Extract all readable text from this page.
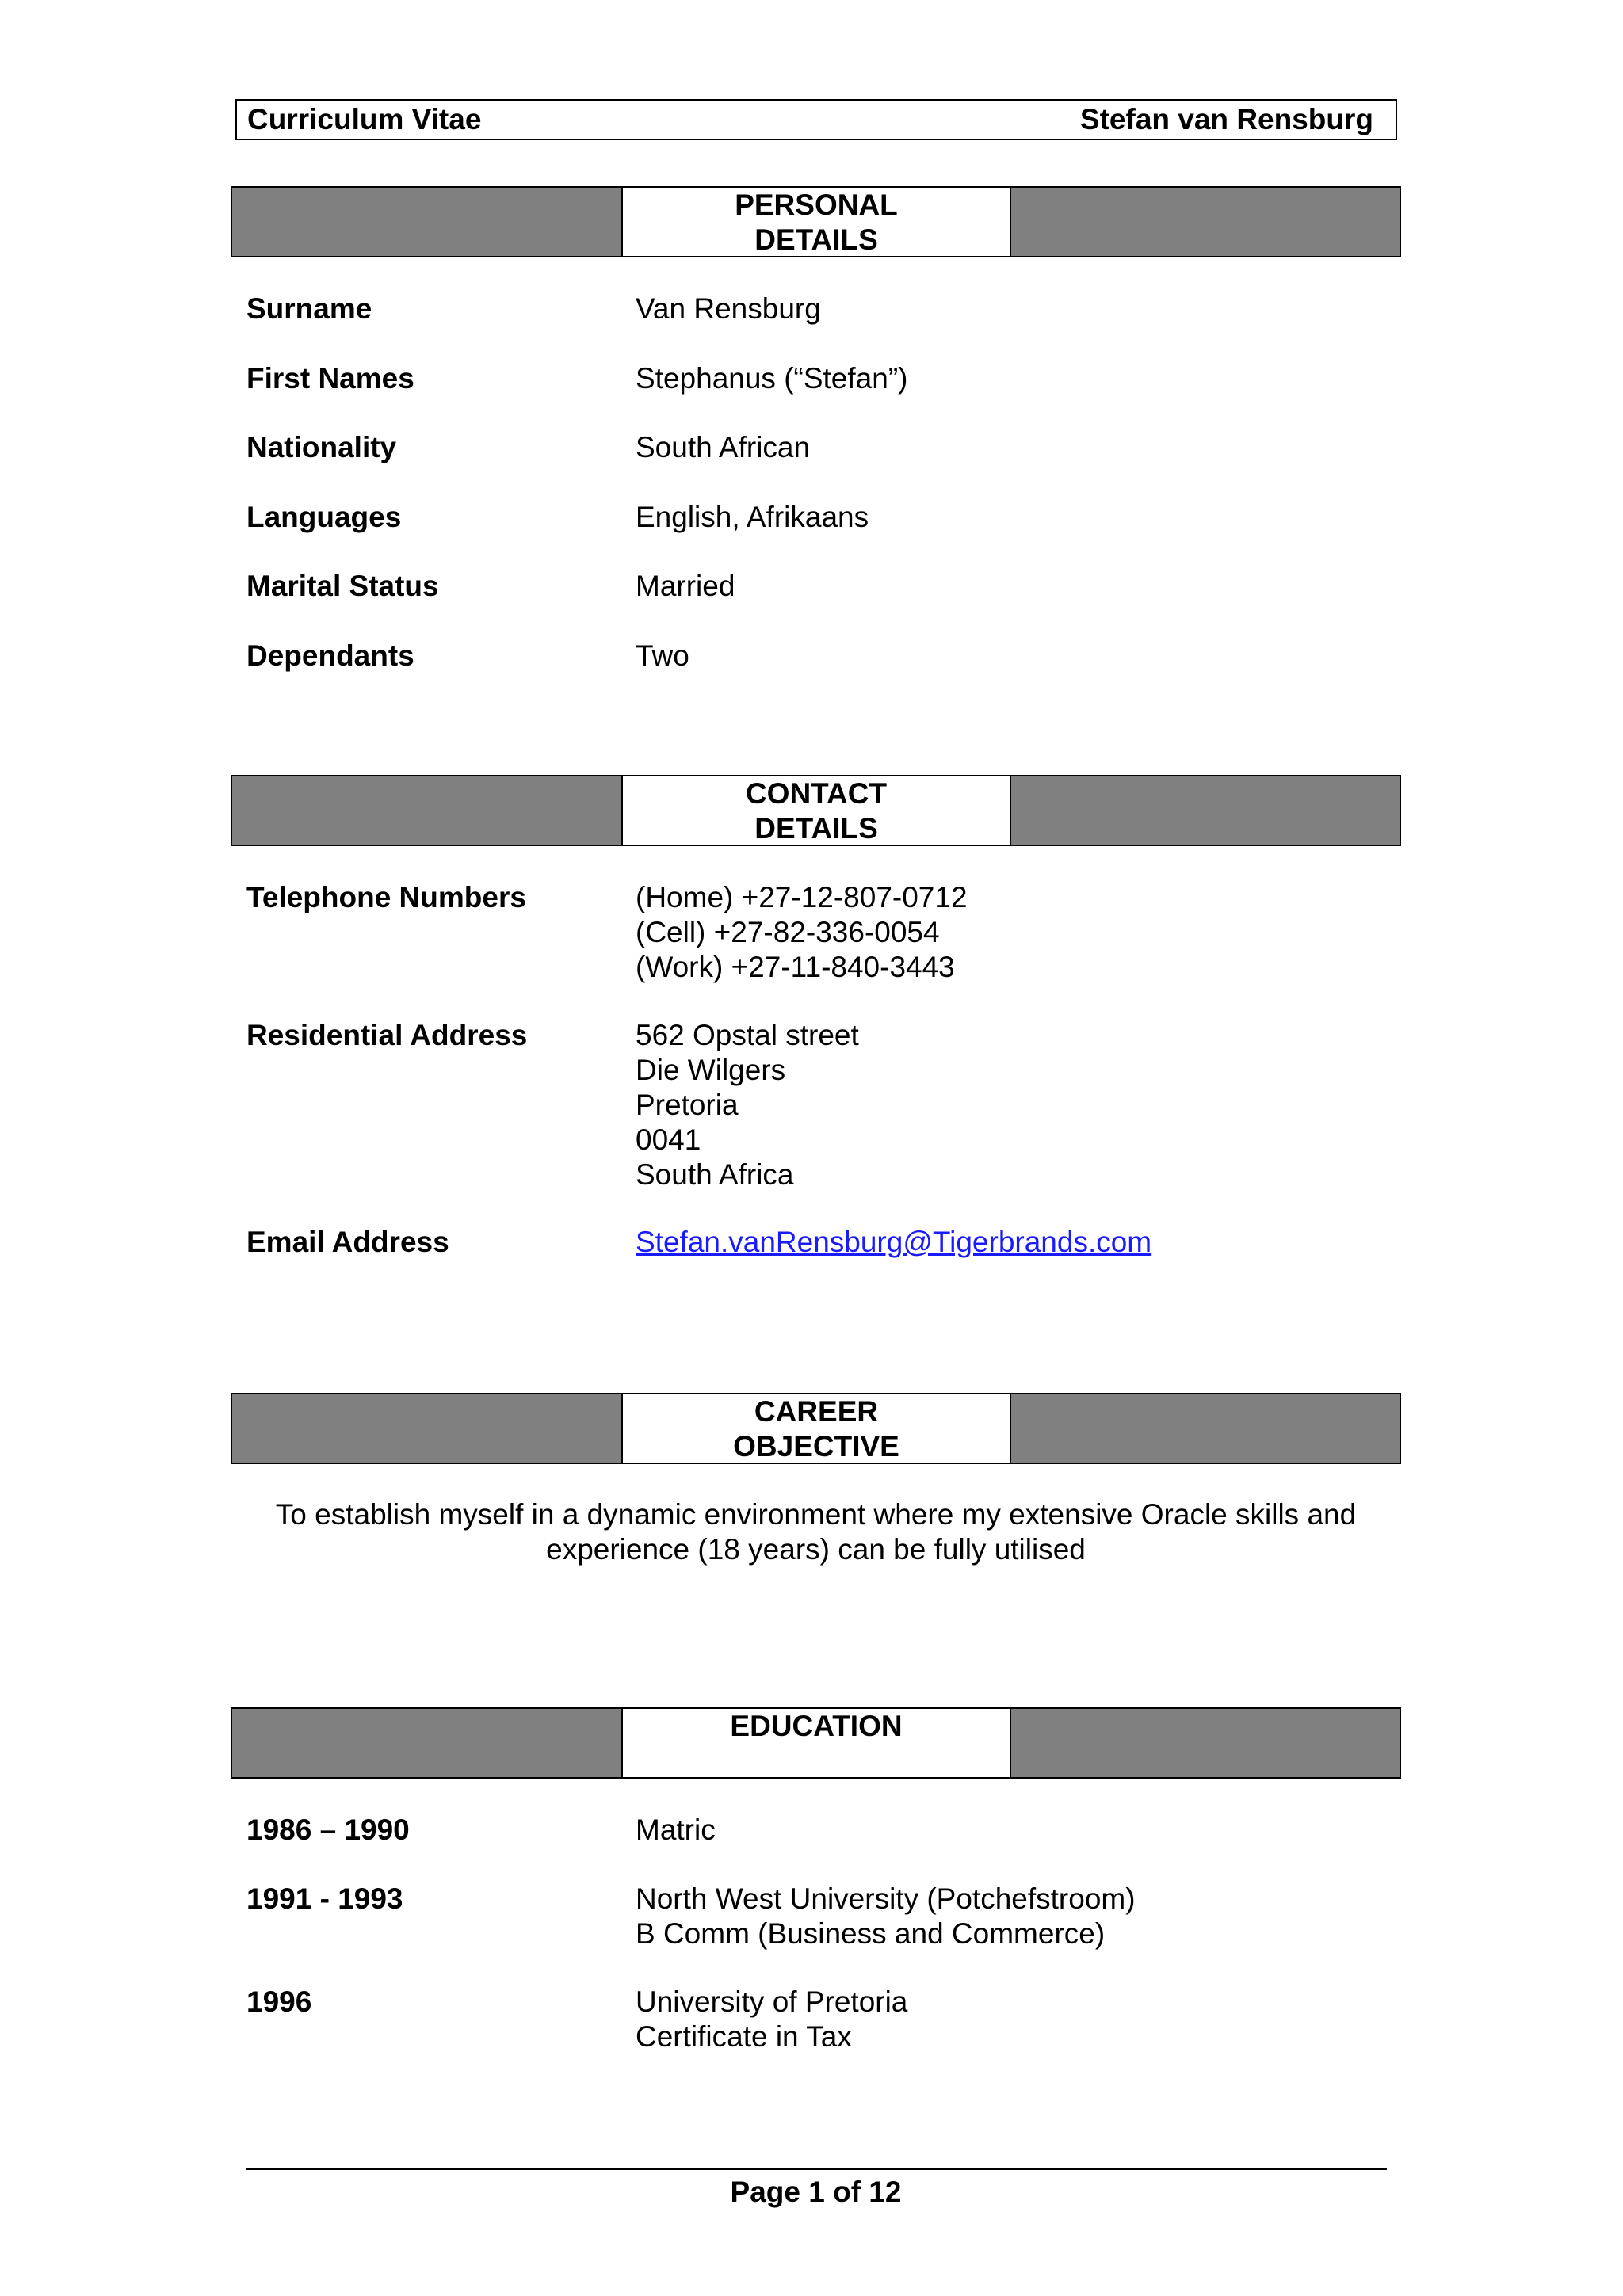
Curriculum Vitae	Stefan van Rensburg
PERSONAL
DETAILS
Surname	Van Rensburg
First Names	Stephanus (“Stefan”)
Nationality	South African
Languages	English, Afrikaans
Marital Status	Married
Dependants	Two
CONTACT
DETAILS
Telephone Numbers	(Home) +27-12-807-0712
(Cell) +27-82-336-0054
(Work) +27-11-840-3443
Residential Address	562 Opstal street
Die Wilgers
Pretoria
0041
South Africa
Email Address	Stefan.vanRensburg@Tigerbrands.com
CAREER
OBJECTIVE
To establish myself in a dynamic environment where my extensive Oracle skills and
experience (18 years) can be fully utilised
EDUCATION
1986 – 1990	Matric
1991 - 1993	North West University (Potchefstroom)
B Comm (Business and Commerce)
1996	University of Pretoria
Certificate in Tax
Page 1 of 12
